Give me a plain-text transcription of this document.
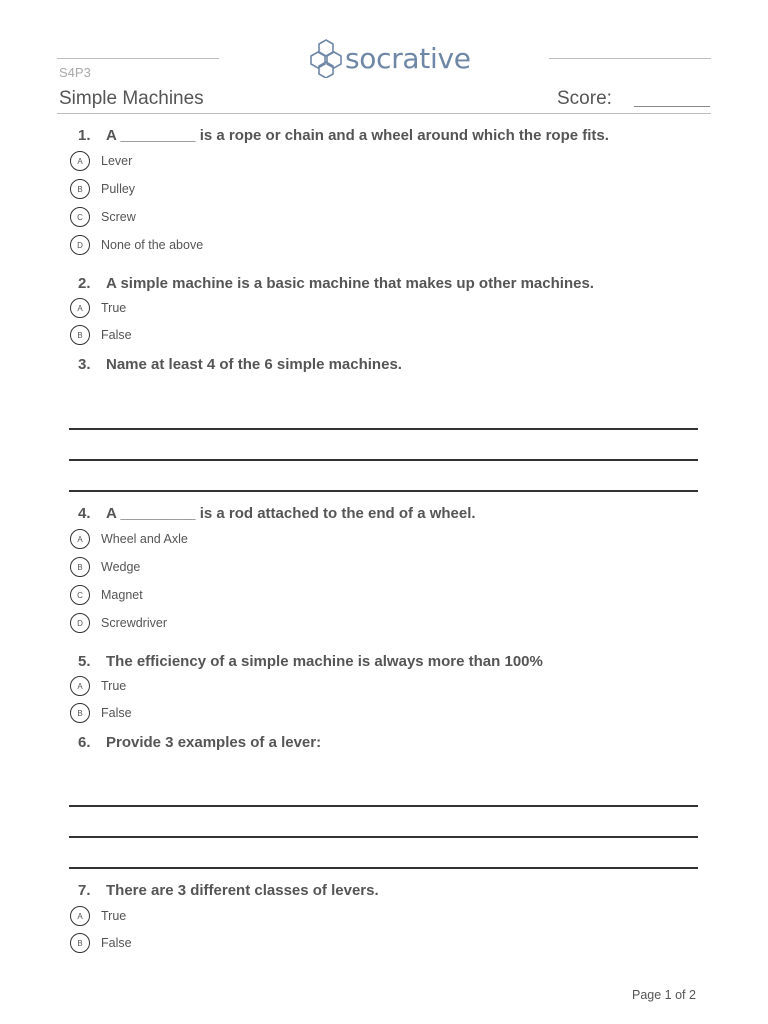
socrative
S4P3
Simple Machines	Score:
1. A _________ is a rope or chain and a wheel around which the rope fits.
A	Lever
B	Pulley
C	Screw
D	None of the above
2. A simple machine is a basic machine that makes up other machines.
A	True
B	False
3. Name at least 4 of the 6 simple machines.
4. A _________ is a rod attached to the end of a wheel.
A	Wheel and Axle
B	Wedge
C	Magnet
D	Screwdriver
5. The efficiency of a simple machine is always more than 100%
A	True
B	False
6. Provide 3 examples of a lever:
7. There are 3 different classes of levers.
A	True
B	False
Page 1 of 2
